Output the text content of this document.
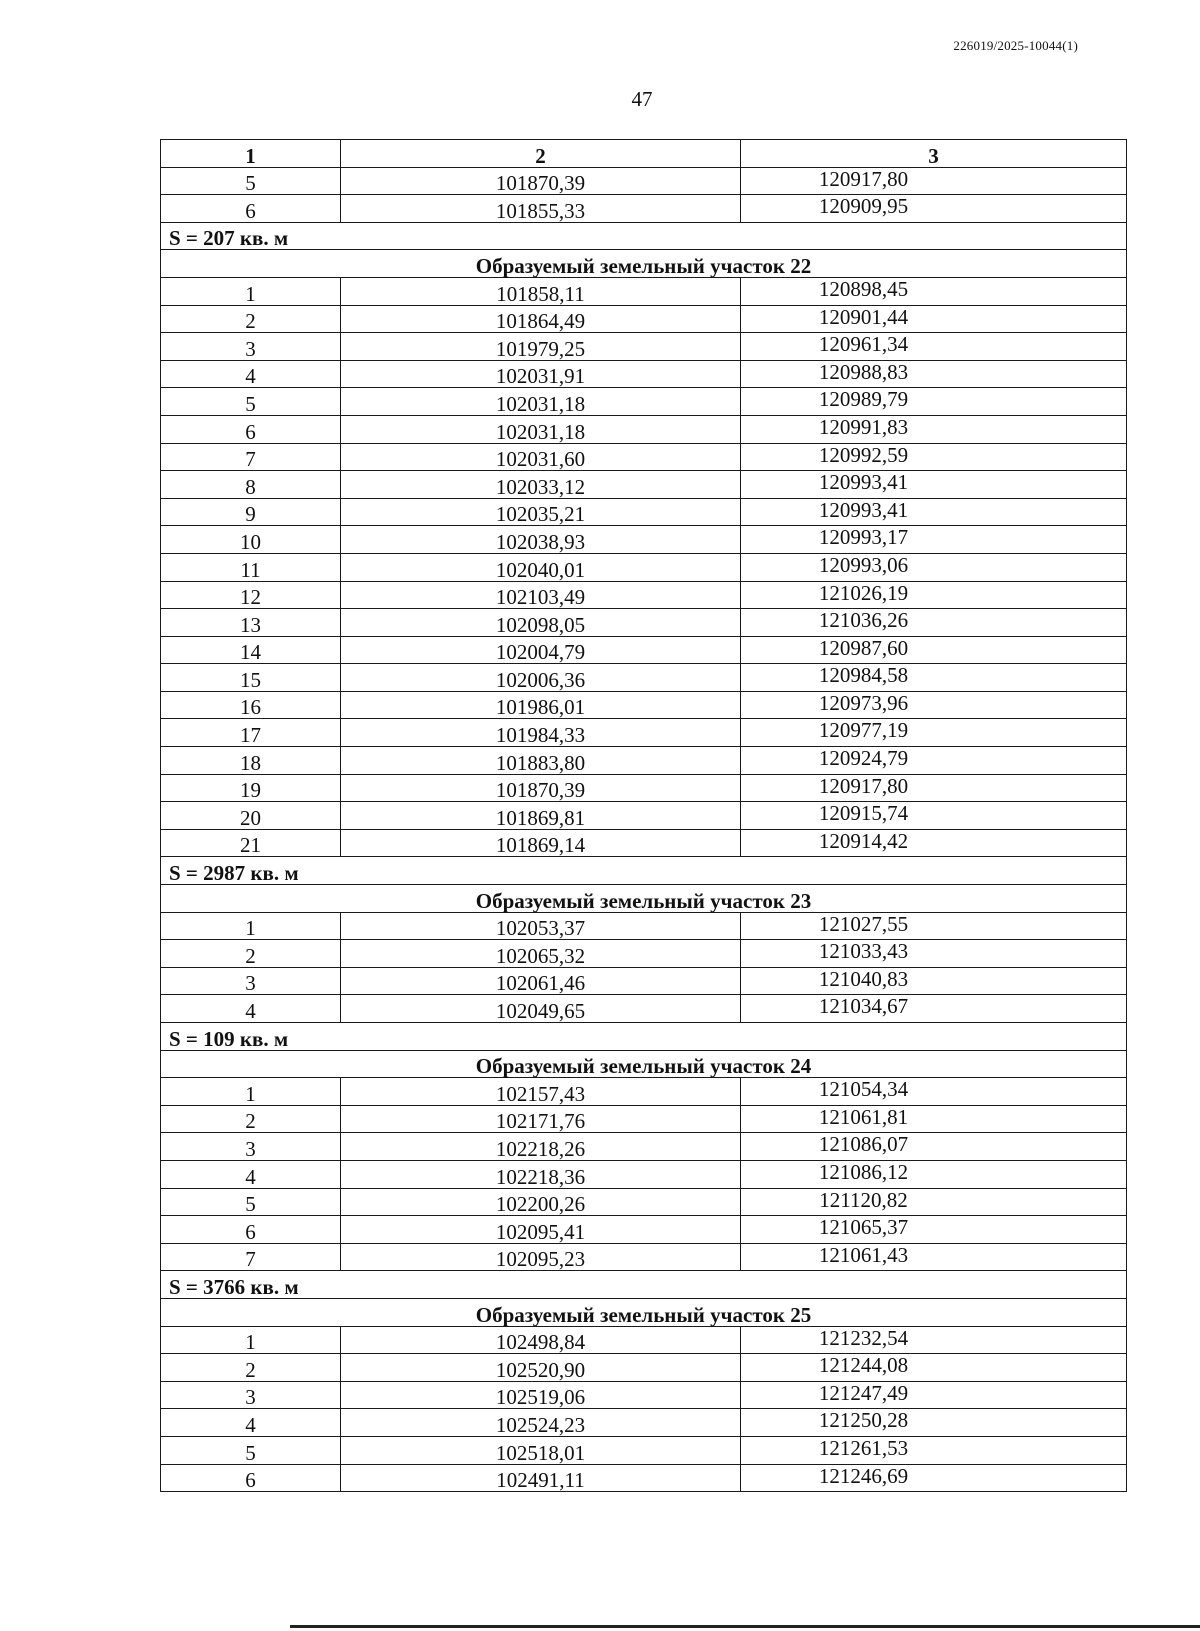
226019/2025-10044(1)
47
1	2	3
5	101870,39	120917,80
6	101855,33	120909,95
S = 207 кв. м		
Образуемый земельный участок 22		
1	101858,11	120898,45
2	101864,49	120901,44
3	101979,25	120961,34
4	102031,91	120988,83
5	102031,18	120989,79
6	102031,18	120991,83
7	102031,60	120992,59
8	102033,12	120993,41
9	102035,21	120993,41
10	102038,93	120993,17
11	102040,01	120993,06
12	102103,49	121026,19
13	102098,05	121036,26
14	102004,79	120987,60
15	102006,36	120984,58
16	101986,01	120973,96
17	101984,33	120977,19
18	101883,80	120924,79
19	101870,39	120917,80
20	101869,81	120915,74
21	101869,14	120914,42
S = 2987 кв. м		
Образуемый земельный участок 23		
1	102053,37	121027,55
2	102065,32	121033,43
3	102061,46	121040,83
4	102049,65	121034,67
S = 109 кв. м		
Образуемый земельный участок 24		
1	102157,43	121054,34
2	102171,76	121061,81
3	102218,26	121086,07
4	102218,36	121086,12
5	102200,26	121120,82
6	102095,41	121065,37
7	102095,23	121061,43
S = 3766 кв. м		
Образуемый земельный участок 25		
1	102498,84	121232,54
2	102520,90	121244,08
3	102519,06	121247,49
4	102524,23	121250,28
5	102518,01	121261,53
6	102491,11	121246,69
